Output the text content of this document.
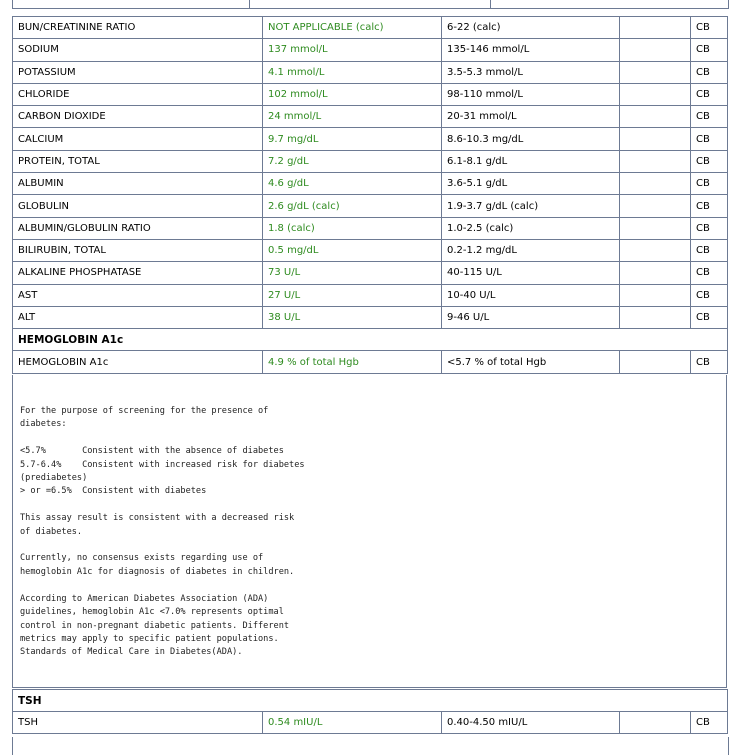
BUN/CREATININE RATIO	NOT APPLICABLE (calc)	6-22 (calc)		CB
SODIUM	137 mmol/L	135-146 mmol/L		CB
POTASSIUM	4.1 mmol/L	3.5-5.3 mmol/L		CB
CHLORIDE	102 mmol/L	98-110 mmol/L		CB
CARBON DIOXIDE	24 mmol/L	20-31 mmol/L		CB
CALCIUM	9.7 mg/dL	8.6-10.3 mg/dL		CB
PROTEIN, TOTAL	7.2 g/dL	6.1-8.1 g/dL		CB
ALBUMIN	4.6 g/dL	3.6-5.1 g/dL		CB
GLOBULIN	2.6 g/dL (calc)	1.9-3.7 g/dL (calc)		CB
ALBUMIN/GLOBULIN RATIO	1.8 (calc)	1.0-2.5 (calc)		CB
BILIRUBIN, TOTAL	0.5 mg/dL	0.2-1.2 mg/dL		CB
ALKALINE PHOSPHATASE	73 U/L	40-115 U/L		CB
AST	27 U/L	10-40 U/L		CB
ALT	38 U/L	9-46 U/L		CB
HEMOGLOBIN A1c				
HEMOGLOBIN A1c	4.9 % of total Hgb	<5.7 % of total Hgb		CB
For the purpose of screening for the presence of
diabetes:

<5.7%       Consistent with the absence of diabetes
5.7-6.4%    Consistent with increased risk for diabetes
(prediabetes)
> or =6.5%  Consistent with diabetes

This assay result is consistent with a decreased risk
of diabetes.

Currently, no consensus exists regarding use of
hemoglobin A1c for diagnosis of diabetes in children.

According to American Diabetes Association (ADA)
guidelines, hemoglobin A1c <7.0% represents optimal
control in non-pregnant diabetic patients. Different
metrics may apply to specific patient populations.
Standards of Medical Care in Diabetes(ADA).
TSH
TSH	0.54 mIU/L	0.40-4.50 mIU/L		CB
